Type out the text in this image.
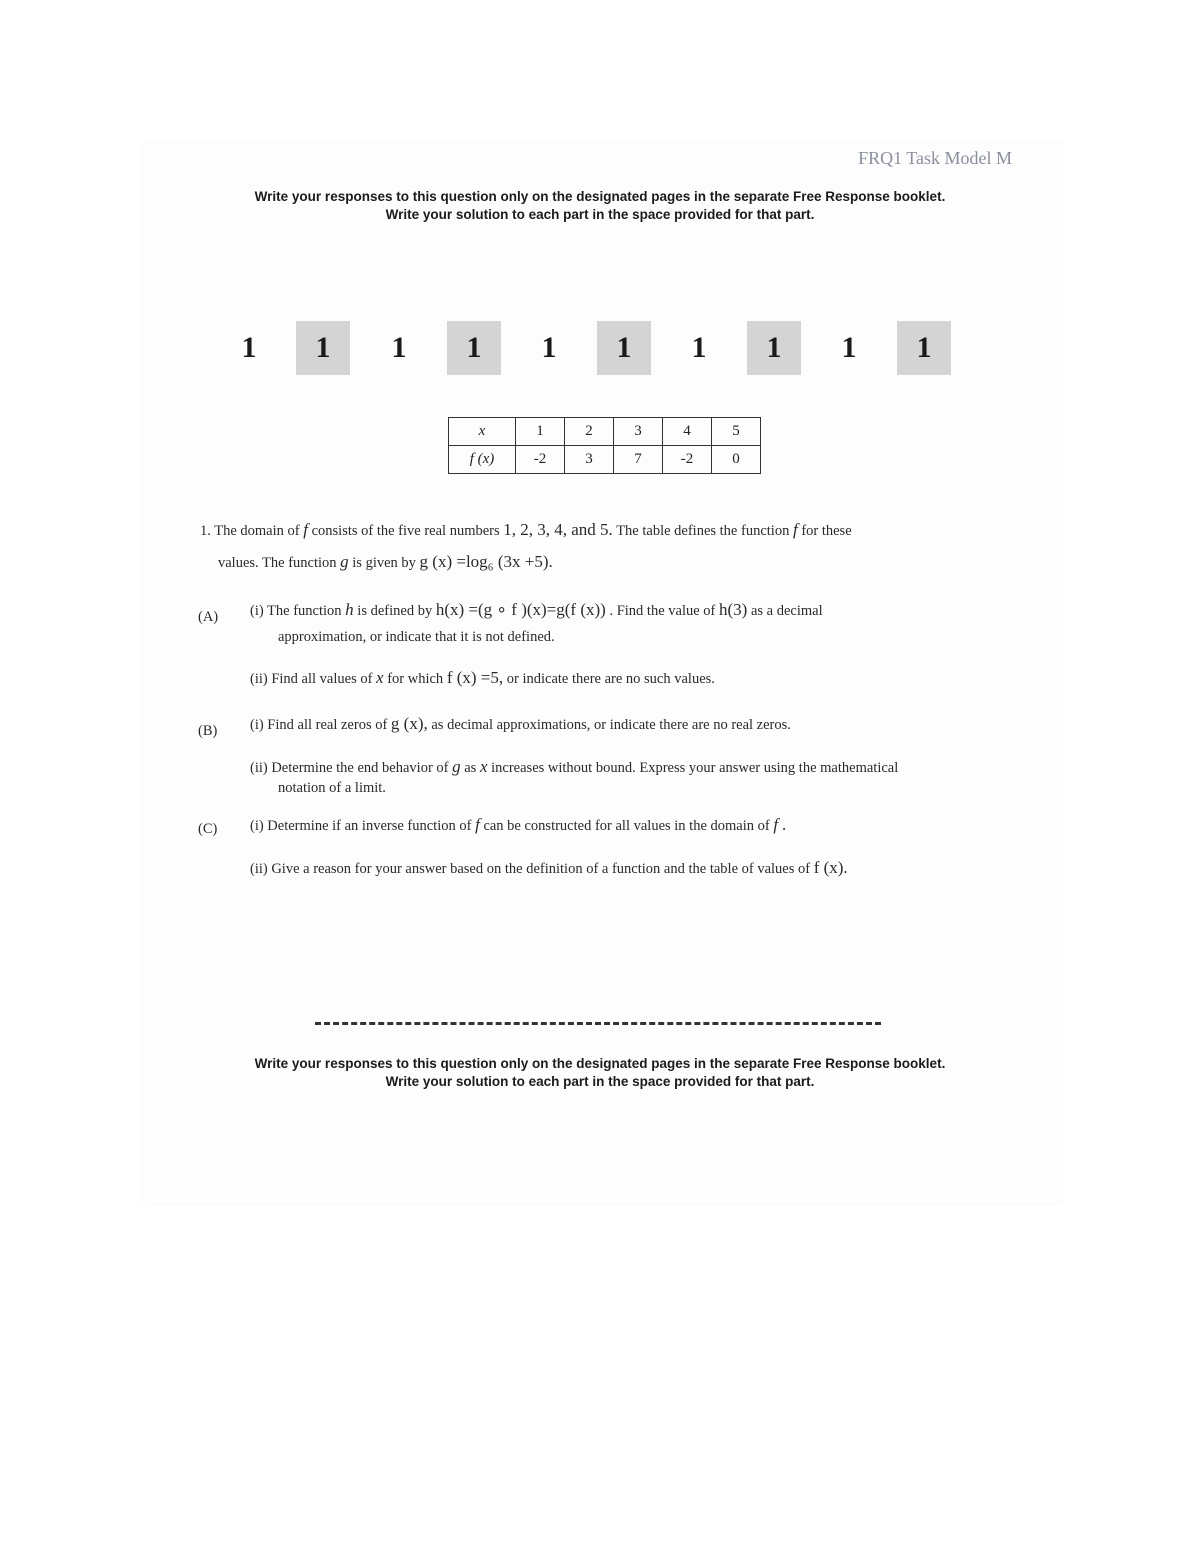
FRQ1 Task Model M
Write your responses to this question only on the designated pages in the separate Free Response booklet.
Write your solution to each part in the space provided for that part.
1	1	1	1	1	1	1	1	1	1
x	1	2	3	4	5
f (x)	-2	3	7	-2	0
1. The domain of f consists of the five real numbers 1, 2, 3, 4, and 5. The table defines the function f for these
values. The function g is given by g (x) =log₆ (3x +5).
(A) (i) The function h is defined by h(x) =(g ∘ f )(x)=g(f (x)) . Find the value of h(3) as a decimal
approximation, or indicate that it is not defined.
(ii) Find all values of x for which f (x) =5, or indicate there are no such values.
(B) (i) Find all real zeros of g (x), as decimal approximations, or indicate there are no real zeros.
(ii) Determine the end behavior of g as x increases without bound. Express your answer using the mathematical
notation of a limit.
(C) (i) Determine if an inverse function of f can be constructed for all values in the domain of f .
(ii) Give a reason for your answer based on the definition of a function and the table of values of f (x).
Write your responses to this question only on the designated pages in the separate Free Response booklet.
Write your solution to each part in the space provided for that part.
